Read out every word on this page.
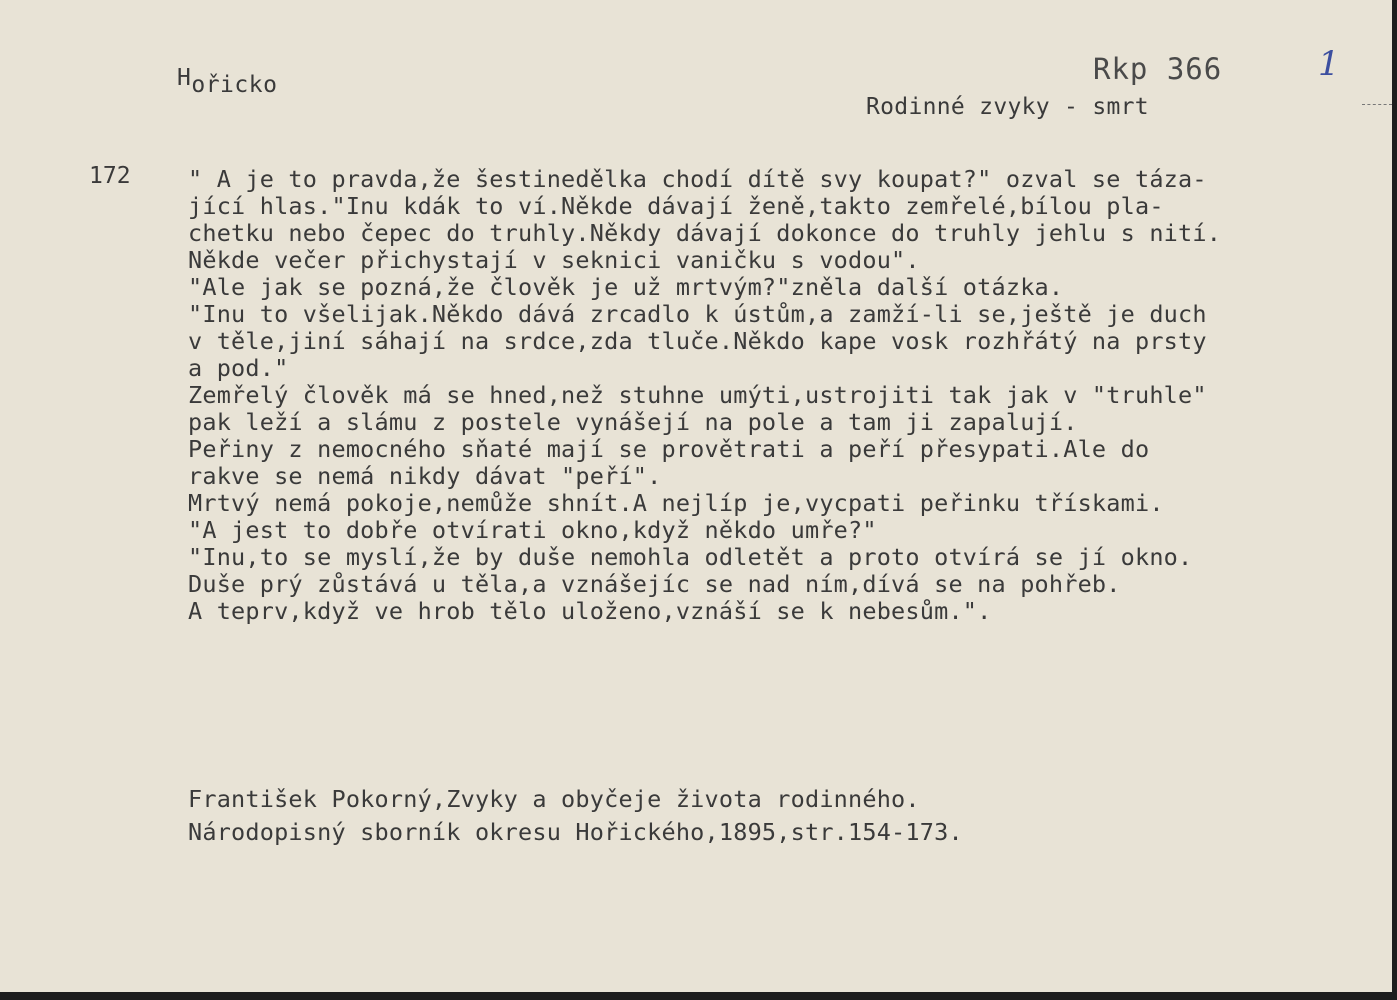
Hořicko	Rkp 366	1
Rodinné zvyky - smrt
172 " A je to pravda,že šestinedělka chodí dítě svy koupat?" ozval se táza-
jící hlas."Inu kdák to ví.Někde dávají ženě,takto zemřelé,bílou pla-
chetku nebo čepec do truhly.Někdy dávají dokonce do truhly jehlu s nití.
Někde večer přichystají v seknici vaničku s vodou".
"Ale jak se pozná,že člověk je už mrtvým?"zněla další otázka.
"Inu to všelijak.Někdo dává zrcadlo k ústům,a zamží-li se,ještě je duch
v těle,jiní sáhají na srdce,zda tluče.Někdo kape vosk rozhřátý na prsty
a pod."
Zemřelý člověk má se hned,než stuhne umýti,ustrojiti tak jak v "truhle"
pak leží a slámu z postele vynášejí na pole a tam ji zapalují.
Peřiny z nemocného sňaté mají se provětrati a peří přesypati.Ale do
rakve se nemá nikdy dávat "peří".
Mrtvý nemá pokoje,nemůže shnít.A nejlíp je,vycpati peřinku třískami.
"A jest to dobře otvírati okno,když někdo umře?"
"Inu,to se myslí,že by duše nemohla odletět a proto otvírá se jí okno.
Duše prý zůstává u těla,a vznášejíc se nad ním,dívá se na pohřeb.
A teprv,když ve hrob tělo uloženo,vznáší se k nebesům.".
František Pokorný,Zvyky a obyčeje života rodinného.
Národopisný sborník okresu Hořického,1895,str.154-173.
